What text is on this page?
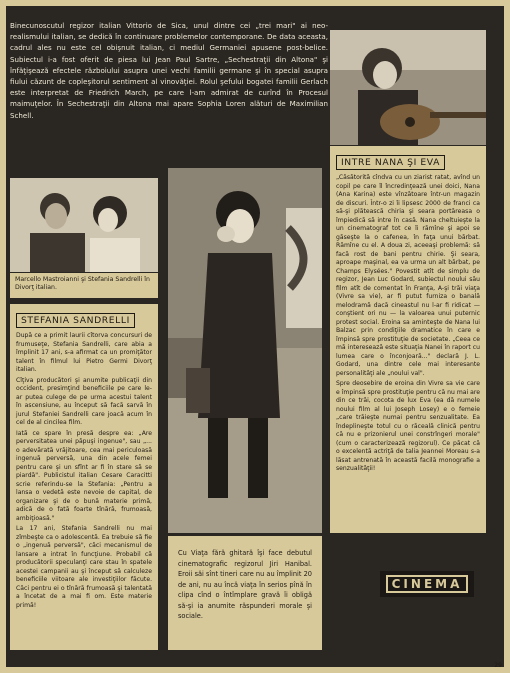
Binecunoscutul regizor italian Vittorio de Sica, unul dintre cei „trei mari" ai neo-realismului italian, se dedică în continuare problemelor contemporane. De data aceasta, cadrul ales nu este cel obişnuit italian, ci mediul Germaniei apusene post-belice. Subiectul i-a fost oferit de piesa lui Jean Paul Sartre, „Sechestraţii din Altona" şi înfăţişează efectele războiului asupra unei vechi familii germane şi în special asupra fiului căzunt de copleşitorul sentiment al vinovăţiei. Rolul şefului bogatei familii Gerlach este interpretat de Friedrich March, pe care l-am admirat de curînd în Procesul maimuţelor. În Sechestraţii din Altona mai apare Sophia Loren alături de Maximilian Schell.
Marcello Mastroianni şi Stefania Sandrelli în Divorţ italian.
STEFANIA SANDRELLI

După ce a primit laurii cîtorva concursuri de frumuseţe, Stefania Sandrelli, care abia a împlinit 17 ani, s-a afirmat ca un promiţător talent în filmul lui Pietro Germi Divorţ italian.

Cîţiva producători şi anumite publicaţii din occident, presimţind beneficiile pe care le-ar putea culege de pe urma acestui talent în ascensiune, au început să facă sarvă în jurul Stefaniei Sandrelli care joacă acum în cel de al cincilea film.

Iată ce spare în presă despre ea: „Are perversitatea unei păpuşi ingenue", sau „... o adevărată vrăjitoare, cea mai periculoasă ingenuă perversă, una din acele femei pentru care şi un sfînt ar fi în stare să se piardă". Publicistul italian Cesare Caracitti scrie referindu-se la Stefania: „Pentru a lansa o vedetă este nevoie de capital, de organizare şi de o bună materie primă, adică de o fată foarte tînără, frumoasă, ambiţioasă."

La 17 ani, Stefania Sandrelli nu mai zîmbeşte ca o adolescentă. Ea trebuie să fie o „ingenuă perversă", căci mecanismul de lansare a intrat în funcţiune. Probabil că producătorii speculanţi care stau în spatele acestei campanii au şi început să calculeze beneficiile viitoare ale investiţiilor făcute. Căci pentru ei o tînără frumoasă şi talentată a încetat de a mai fi om. Este materie primă!

INTRE NANA ŞI EVA

„Căsătorită cîndva cu un ziarist ratat, avînd un copil pe care îl încredinţează unei doici, Nana (Ana Karina) este vînzătoare într-un magazin de discuri. Într-o zi îi lipsesc 2000 de franci ca să-şi plătească chiria şi seara portăreasa o împiedică să intre în casă. Nana cheltuieşte la un cinematograf tot ce îi rămîne şi apoi se găseşte la o cafenea, în faţa unui bărbat. Rămîne cu el. A doua zi, aceeaşi problemă: să facă rost de bani pentru chirie. Şi seara, aproape maşinal, ea va urma un alt bărbat, pe Champs Elysées." Povestit atît de simplu de regizor, Jean Luc Godard, subiectul noului său film atît de comentat în Franţa, A-şi trăi viaţa (Vivre sa vie), ar fi putut furniza o banală melodramă dacă cineastul nu l-ar fi ridicat — conştient ori nu — la valoarea unui puternic protest social. Eroina sa aminteşte de Nana lui Balzac prin condiţiile dramatice în care e împinsă spre prostituţie de societate. „Ceea ce mă interesează este situaţia Nanei în raport cu lumea care o înconjoară..." declară J. L. Godard, una dintre cele mai interesante personalităţi ale „noului val".

Spre deosebire de eroina din Vivre sa vie care e împinsă spre prostituţie pentru că nu mai are din ce trăi, cocota de lux Eva (ea dă numele noului film al lui Joseph Losey) e o femeie „care trăieşte numai pentru senzualitate. Ea îndeplineşte totul cu o răceală clinică pentru că nu e prizonierul unei constrîngeri morale" (cum o caracterizează regizorul). Ce păcat că o excelentă actriţă de talia Jeannei Moreau s-a lăsat antrenată în această facilă monografie a senzualităţii!

Cu Viaţa fără ghitară îşi face debutul cinematografic regizorul Jiri Hanibal. Eroii săi sînt tineri care nu au împlinit 20 de ani, nu au încă viaţa în serios pînă în clipa cînd o întîmplare gravă îi obligă să-şi ia anumite răspunderi morale şi sociale.
CINEMA
29
